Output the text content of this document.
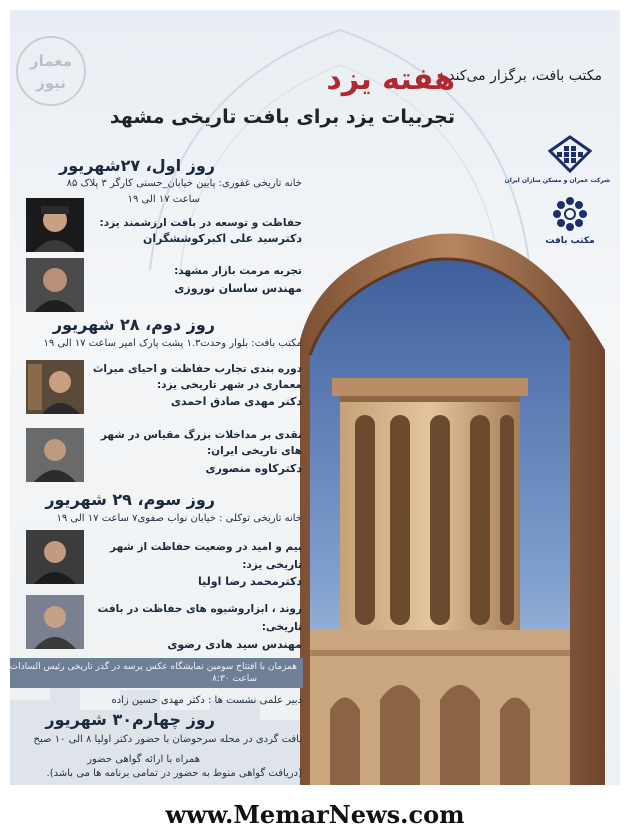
معمار
نیوز	مکتب بافت، برگزار می‌کند :
هفته یزد
تجربیات یزد برای بافت تاریخی مشهد
شرکت عمران و مسکن سازان ایران
مکتب بافت
روز اول، ۲۷شهریور
خانه تاریخی غفوری: پایین خیابان_حسنی کارگر ۳ پلاک ۸۵
ساعت ۱۷ الی ۱۹
حفاظت و توسعه در بافت ارزشمند یزد:
دکترسید علی اکبرکوششگران
تجربه مرمت بازار مشهد:
مهندس ساسان نوروزی
روز دوم، ۲۸ شهریور
مکتب بافت: بلوار وحدت۱.۳ پشت پارک امیر ساعت ۱۷ الی ۱۹
دوره بندی تجارب حفاظت و احیای میراث
معماری در شهر تاریخی یزد:
دکتر مهدی صادق احمدی
نقدی بر مداخلات بزرگ مقیاس در شهر
های تاریخی ایران:
دکترکاوه منصوری
روز سوم، ۲۹ شهریور
خانه تاریخی توکلی : خیابان نواب صفوی۷ ساعت ۱۷ الی ۱۹
بیم و امید در وضعیت حفاظت از شهر
تاریخی یزد:
دکترمحمد رضا اولیا
روند ، ابزاروشیوه های حفاظت در بافت
تاریخی:
مهندس سید هادی رضوی
همزمان با افتتاح سومین نمایشگاه عکس پرسه در گذر تاریخی رئیس السادات
ساعت ۸:۳۰
دبیر علمی نشست ها : دکتر مهدی حسین زاده
روز چهارم۳۰ شهریور
بافت گردی در محله سرحوضان با حضور دکتر اولیا ۸ الی ۱۰ صبح
همراه با ارائه گواهی حضور
(دریافت گواهی منوط به حضور در تمامی برنامه ها می باشد).
www.MemarNews.com
